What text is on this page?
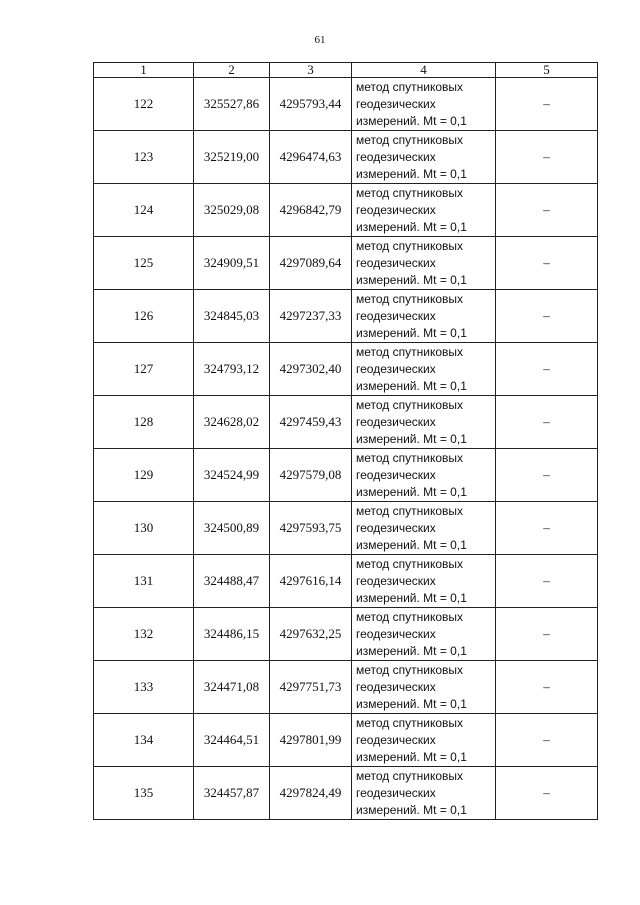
61
1	2	3	4	5
122	325527,86	4295793,44	метод спутниковых
геодезических
измерений. Mt = 0,1	–
123	325219,00	4296474,63	метод спутниковых
геодезических
измерений. Mt = 0,1	–
124	325029,08	4296842,79	метод спутниковых
геодезических
измерений. Mt = 0,1	–
125	324909,51	4297089,64	метод спутниковых
геодезических
измерений. Mt = 0,1	–
126	324845,03	4297237,33	метод спутниковых
геодезических
измерений. Mt = 0,1	–
127	324793,12	4297302,40	метод спутниковых
геодезических
измерений. Mt = 0,1	–
128	324628,02	4297459,43	метод спутниковых
геодезических
измерений. Mt = 0,1	–
129	324524,99	4297579,08	метод спутниковых
геодезических
измерений. Mt = 0,1	–
130	324500,89	4297593,75	метод спутниковых
геодезических
измерений. Mt = 0,1	–
131	324488,47	4297616,14	метод спутниковых
геодезических
измерений. Mt = 0,1	–
132	324486,15	4297632,25	метод спутниковых
геодезических
измерений. Mt = 0,1	–
133	324471,08	4297751,73	метод спутниковых
геодезических
измерений. Mt = 0,1	–
134	324464,51	4297801,99	метод спутниковых
геодезических
измерений. Mt = 0,1	–
135	324457,87	4297824,49	метод спутниковых
геодезических
измерений. Mt = 0,1	–
